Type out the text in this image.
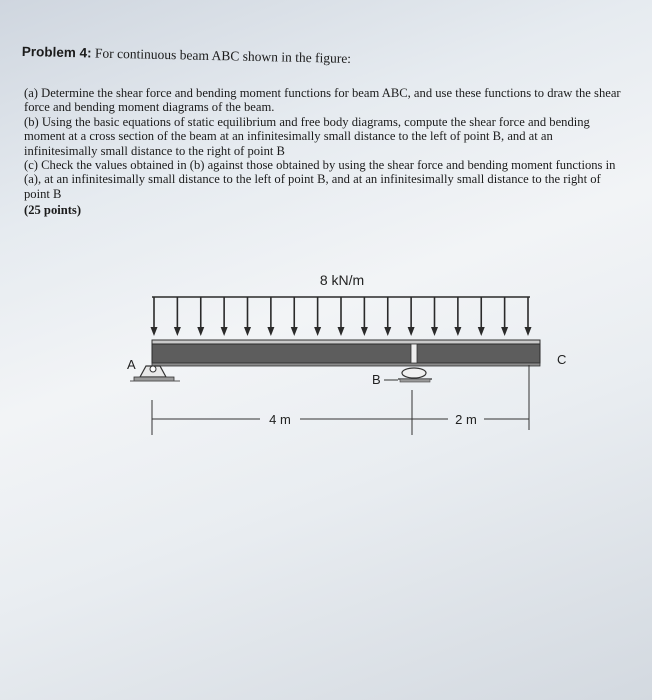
Problem 4: For continuous beam ABC shown in the figure:

(a) Determine the shear force and bending moment functions for beam ABC, and use these functions to draw the shear force and bending moment diagrams of the beam.

(b) Using the basic equations of static equilibrium and free body diagrams, compute the shear force and bending moment at a cross section of the beam at an infinitesimally small distance to the left of point B, and at an infinitesimally small distance to the right of point B

(c) Check the values obtained in (b) against those obtained by using the shear force and bending moment functions in (a), at an infinitesimally small distance to the left of point B, and at an infinitesimally small distance to the right of point B

(25 points)

8 kN/m
A
B
C
4 m	2 m
